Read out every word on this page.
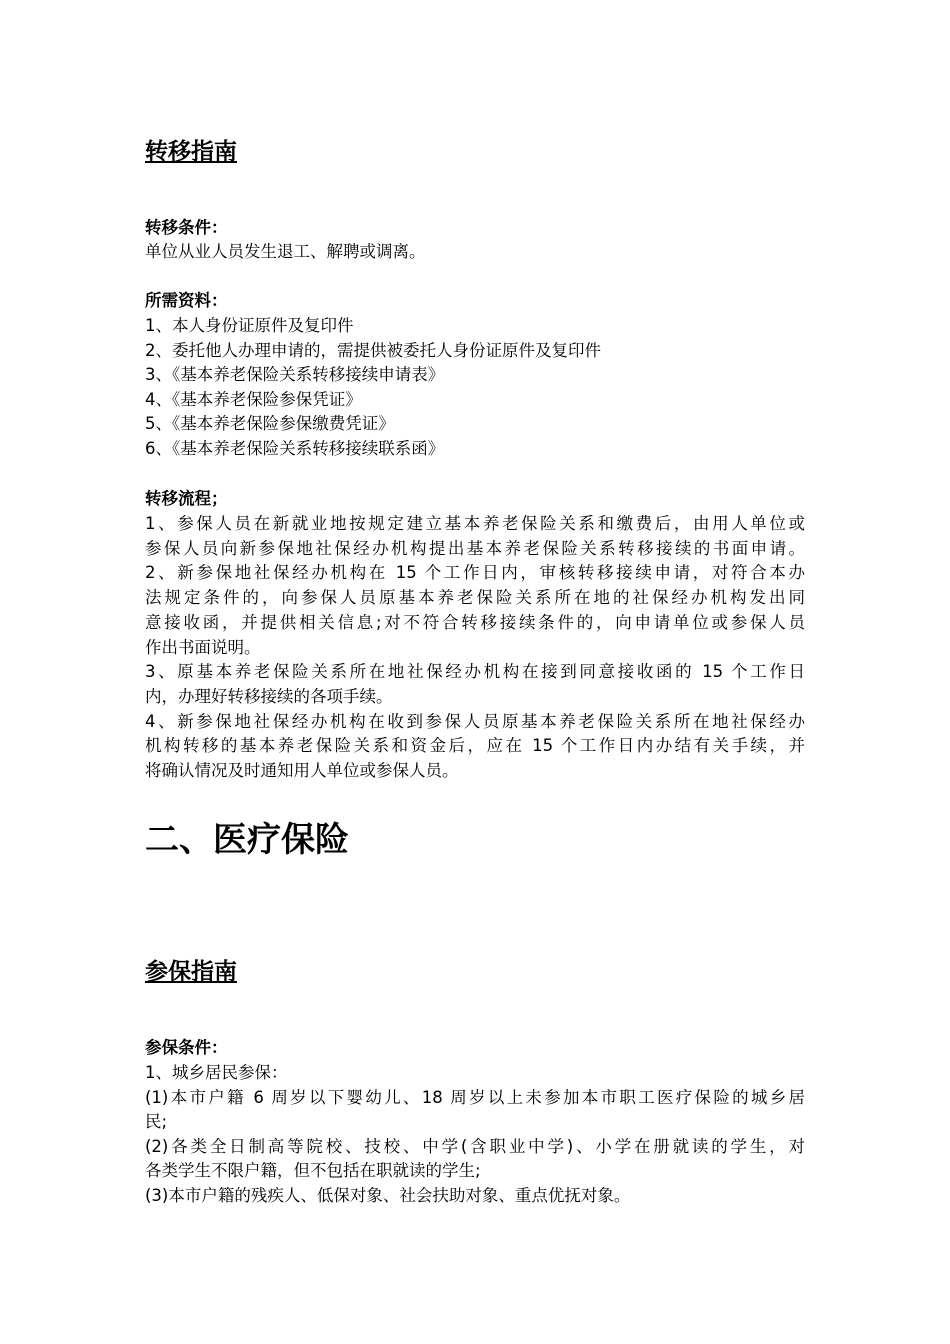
转移指南
转移条件：
单位从业人员发生退工、解聘或调离。
所需资料：
1、本人身份证原件及复印件
2、委托他人办理申请的，需提供被委托人身份证原件及复印件
3、《基本养老保险关系转移接续申请表》
4、《基本养老保险参保凭证》
5、《基本养老保险参保缴费凭证》
6、《基本养老保险关系转移接续联系函》
转移流程；
1、参保人员在新就业地按规定建立基本养老保险关系和缴费后，由用人单位或
参保人员向新参保地社保经办机构提出基本养老保险关系转移接续的书面申请。
2、新参保地社保经办机构在 15 个工作日内，审核转移接续申请，对符合本办
法规定条件的，向参保人员原基本养老保险关系所在地的社保经办机构发出同
意接收函，并提供相关信息;对不符合转移接续条件的，向申请单位或参保人员
作出书面说明。
3、原基本养老保险关系所在地社保经办机构在接到同意接收函的 15 个工作日
内，办理好转移接续的各项手续。
4、新参保地社保经办机构在收到参保人员原基本养老保险关系所在地社保经办
机构转移的基本养老保险关系和资金后，应在 15 个工作日内办结有关手续，并
将确认情况及时通知用人单位或参保人员。
二、医疗保险
参保指南
参保条件：
1、城乡居民参保：
(1)本市户籍 6 周岁以下婴幼儿、18 周岁以上未参加本市职工医疗保险的城乡居
民;
(2)各类全日制高等院校、技校、中学(含职业中学)、小学在册就读的学生，对
各类学生不限户籍，但不包括在职就读的学生;
(3)本市户籍的残疾人、低保对象、社会扶助对象、重点优抚对象。
